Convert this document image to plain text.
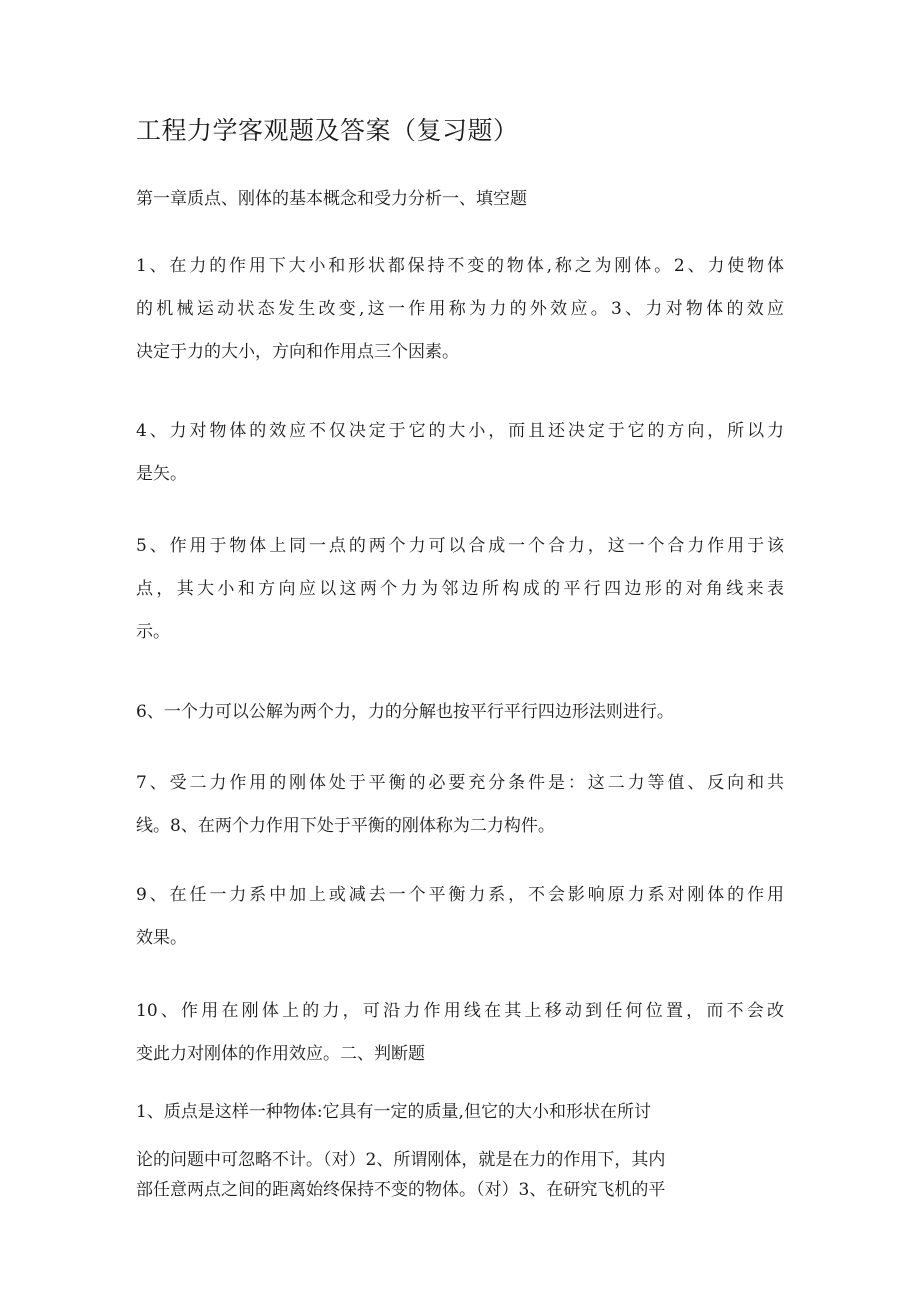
工程力学客观题及答案（复习题）
第一章质点、刚体的基本概念和受力分析一、填空题
1、在力的作用下大小和形状都保持不变的物体,称之为刚体。2、力使物体
的机械运动状态发生改变,这一作用称为力的外效应。3、力对物体的效应
决定于力的大小，方向和作用点三个因素。
4、力对物体的效应不仅决定于它的大小，而且还决定于它的方向，所以力
是矢。
5、作用于物体上同一点的两个力可以合成一个合力，这一个合力作用于该
点，其大小和方向应以这两个力为邻边所构成的平行四边形的对角线来表
示。
6、一个力可以公解为两个力，力的分解也按平行平行四边形法则进行。
7、受二力作用的刚体处于平衡的必要充分条件是：这二力等值、反向和共
线。8、在两个力作用下处于平衡的刚体称为二力构件。
9、在任一力系中加上或减去一个平衡力系，不会影响原力系对刚体的作用
效果。
10、作用在刚体上的力，可沿力作用线在其上移动到任何位置，而不会改
变此力对刚体的作用效应。二、判断题
1、质点是这样一种物体:它具有一定的质量,但它的大小和形状在所讨
论的问题中可忽略不计。（对）2、所谓刚体，就是在力的作用下，其内
部任意两点之间的距离始终保持不变的物体。（对）3、在研究飞机的平
